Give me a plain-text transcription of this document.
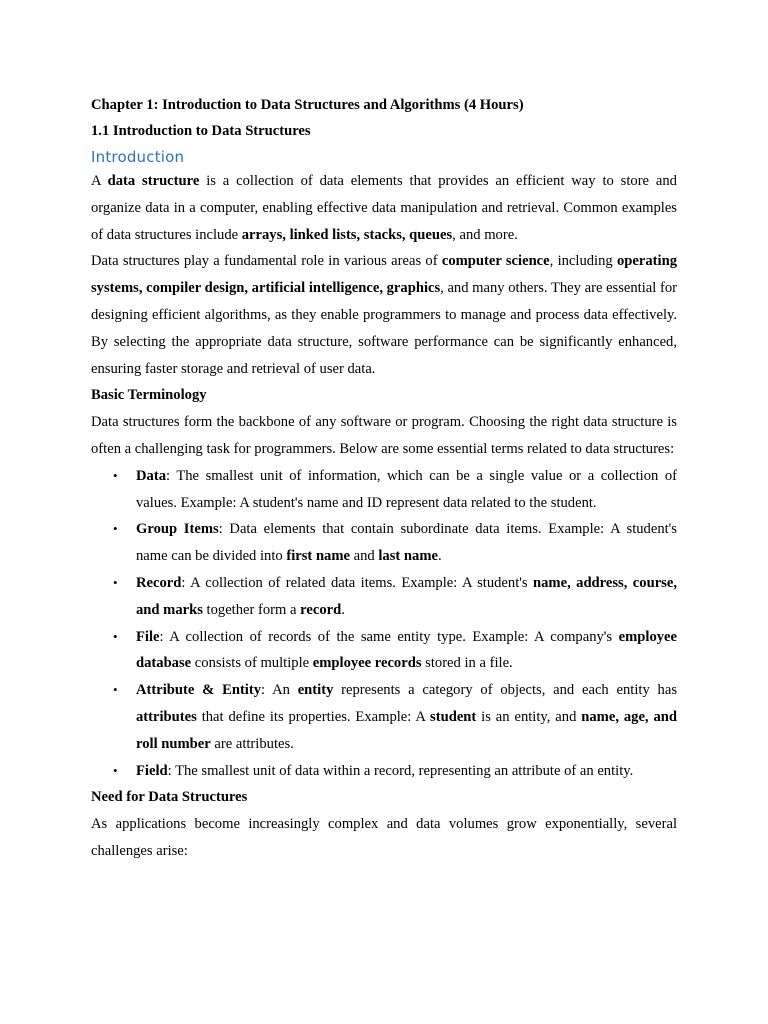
Chapter 1: Introduction to Data Structures and Algorithms (4 Hours)

1.1 Introduction to Data Structures

Introduction

A data structure is a collection of data elements that provides an efficient way to store and organize data in a computer, enabling effective data manipulation and retrieval. Common examples of data structures include arrays, linked lists, stacks, queues, and more.

Data structures play a fundamental role in various areas of computer science, including operating systems, compiler design, artificial intelligence, graphics, and many others. They are essential for designing efficient algorithms, as they enable programmers to manage and process data effectively. By selecting the appropriate data structure, software performance can be significantly enhanced, ensuring faster storage and retrieval of user data.

Basic Terminology

Data structures form the backbone of any software or program. Choosing the right data structure is often a challenging task for programmers. Below are some essential terms related to data structures:

• Data: The smallest unit of information, which can be a single value or a collection of values. Example: A student's name and ID represent data related to the student.
• Group Items: Data elements that contain subordinate data items. Example: A student's name can be divided into first name and last name.
• Record: A collection of related data items. Example: A student's name, address, course, and marks together form a record.
• File: A collection of records of the same entity type. Example: A company's employee database consists of multiple employee records stored in a file.
• Attribute & Entity: An entity represents a category of objects, and each entity has attributes that define its properties. Example: A student is an entity, and name, age, and roll number are attributes.
• Field: The smallest unit of data within a record, representing an attribute of an entity.

Need for Data Structures

As applications become increasingly complex and data volumes grow exponentially, several challenges arise:
